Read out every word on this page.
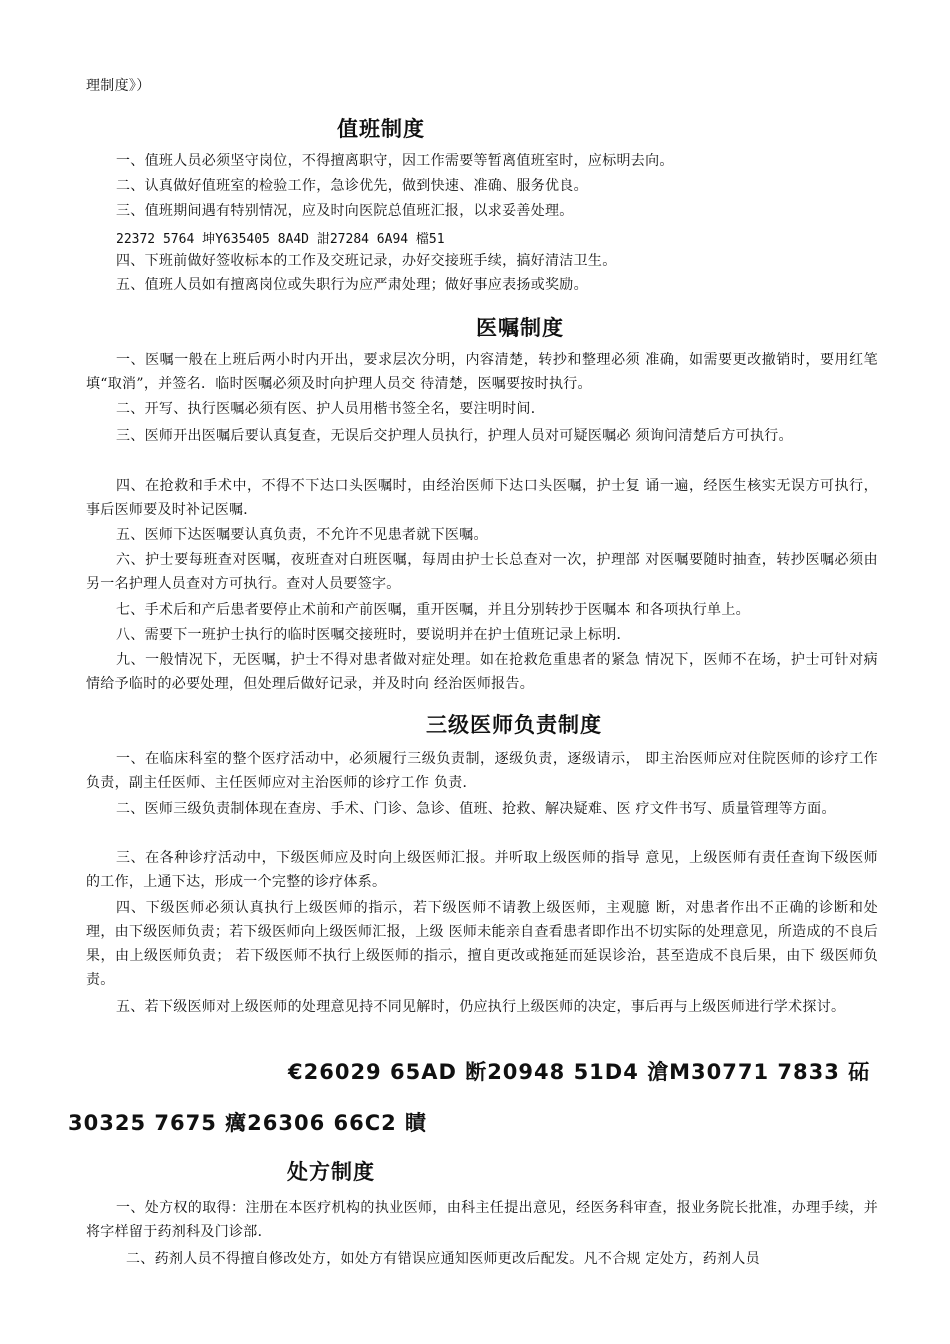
理制度》）
值班制度
一、值班人员必须坚守岗位，不得擅离职守，因工作需要等暂离值班室时，应标明去向。
二、认真做好值班室的检验工作，急诊优先，做到快速、准确、服务优良。
三、值班期间遇有特别情况，应及时向医院总值班汇报，以求妥善处理。
22372 5764 坤Y635405 8A4D 詌27284 6A94 檔51
四、下班前做好签收标本的工作及交班记录，办好交接班手续，搞好清洁卫生。
五、值班人员如有擅离岗位或失职行为应严肃处理；做好事应表扬或奖励。
医嘱制度
一、医嘱一般在上班后两小时内开出，要求层次分明，内容清楚，转抄和整理必须 准确，如需要更改撤销时，要用红笔填“取消”，并签名．临时医嘱必须及时向护理人员交 待清楚，医嘱要按时执行。
二、开写、执行医嘱必须有医、护人员用楷书签全名，要注明时间．
三、医师开出医嘱后要认真复查，无误后交护理人员执行，护理人员对可疑医嘱必 须询问清楚后方可执行。
四、在抢救和手术中，不得不下达口头医嘱时，由经治医师下达口头医嘱，护士复 诵一遍，经医生核实无误方可执行，事后医师要及时补记医嘱．
五、医师下达医嘱要认真负责，不允许不见患者就下医嘱。
六、护士要每班查对医嘱，夜班查对白班医嘱，每周由护士长总查对一次，护理部 对医嘱要随时抽查，转抄医嘱必须由另一名护理人员查对方可执行。查对人员要签字。
七、手术后和产后患者要停止术前和产前医嘱，重开医嘱，并且分别转抄于医嘱本 和各项执行单上。
八、需要下一班护士执行的临时医嘱交接班时，要说明并在护士值班记录上标明．
九、一般情况下，无医嘱，护士不得对患者做对症处理。如在抢救危重患者的紧急 情况下，医师不在场，护士可针对病情给予临时的必要处理，但处理后做好记录，并及时向 经治医师报告。
三级医师负责制度
一、在临床科室的整个医疗活动中，必须履行三级负责制，逐级负责，逐级请示， 即主治医师应对住院医师的诊疗工作负责，副主任医师、主任医师应对主治医师的诊疗工作 负责．
二、医师三级负责制体现在查房、手术、门诊、急诊、值班、抢救、解决疑难、医 疗文件书写、质量管理等方面。
三、在各种诊疗活动中，下级医师应及时向上级医师汇报。并听取上级医师的指导 意见，上级医师有责任查询下级医师的工作，上通下达，形成一个完整的诊疗体系。
四、下级医师必须认真执行上级医师的指示，若下级医师不请教上级医师，主观臆 断，对患者作出不正确的诊断和处理，由下级医师负责；若下级医师向上级医师汇报，上级 医师未能亲自查看患者即作出不切实际的处理意见，所造成的不良后果，由上级医师负责； 若下级医师不执行上级医师的指示，擅自更改或拖延而延误诊治，甚至造成不良后果，由下 级医师负责。
五、若下级医师对上级医师的处理意见持不同见解时，仍应执行上级医师的决定，事后再与上级医师进行学术探讨。
€26029 65AD 断20948 51D4 滄M30771 7833 砳
30325 7675 癘26306 66C2 瞔
处方制度
一、处方权的取得：注册在本医疗机构的执业医师，由科主任提出意见，经医务科审查，报业务院长批准，办理手续，并将字样留于药剂科及门诊部．
二、药剂人员不得擅自修改处方，如处方有错误应通知医师更改后配发。凡不合规 定处方，药剂人员
